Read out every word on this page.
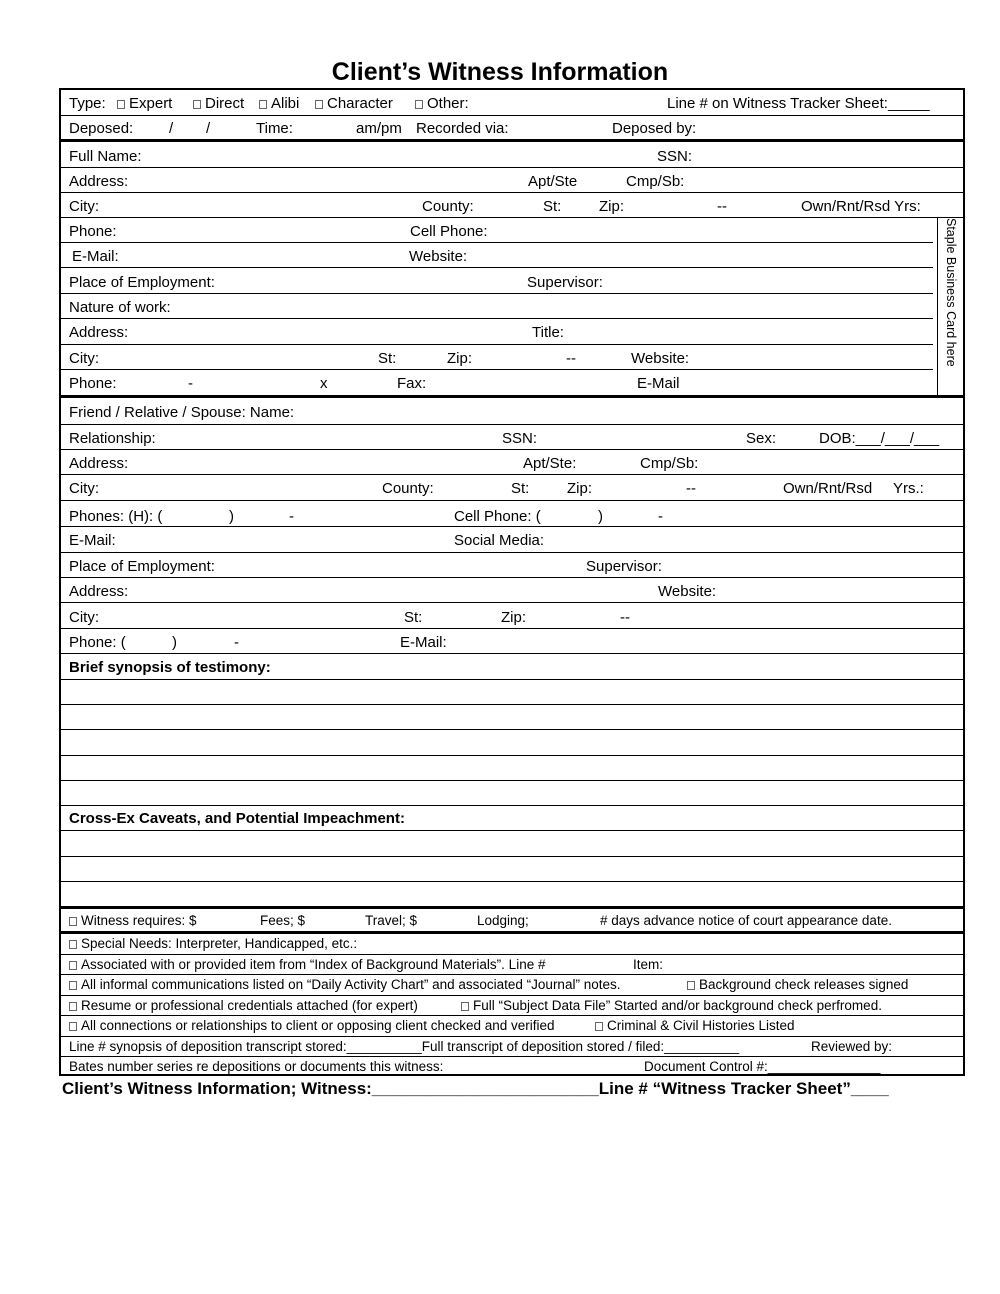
Client’s Witness Information
Type:	Expert	Direct	Alibi	Character	Other:	Line # on Witness Tracker Sheet:_____
Deposed: / /	Time:	am/pm Recorded via:	Deposed by:
Full Name:	SSN:
Address:	Apt/Ste	Cmp/Sb:
City:	County:	St:	Zip:	--	Own/Rnt/Rsd Yrs:
Phone:	Cell Phone:
E-Mail:	Website:
Place of Employment:	Supervisor:
Nature of work:
Address:	Title:
City:	St:	Zip:	--	Website:
Phone:	-	x	Fax:	E-Mail
Staple Business Card here
Friend / Relative / Spouse: Name:
Relationship:	SSN:	Sex:	DOB:___/___/___
Address:	Apt/Ste:	Cmp/Sb:
City:	County:	St:	Zip:	--	Own/Rnt/Rsd Yrs.:
Phones: (H): (	)	-	Cell Phone: (	)	-
E-Mail:	Social Media:
Place of Employment:	Supervisor:
Address:	Website:
City:	St:	Zip:	--
Phone: (	)	-	E-Mail:
Brief synopsis of testimony:
Cross-Ex Caveats, and Potential Impeachment:
Witness requires: $	Fees; $	Travel; $	Lodging;	# days advance notice of court appearance date.
Special Needs: Interpreter, Handicapped, etc.:
Associated with or provided item from “Index of Background Materials”. Line #	Item:
All informal communications listed on “Daily Activity Chart” and associated “Journal” notes.	Background check releases signed
Resume or professional credentials attached (for expert)	Full “Subject Data File” Started and/or background check perfromed.
All connections or relationships to client or opposing client checked and verified	Criminal & Civil Histories Listed
Line # synopsis of deposition transcript stored:__________Full transcript of deposition stored / filed:__________	Reviewed by:
Bates number series re depositions or documents this witness:	Document Control #:_______________
Client’s Witness Information; Witness:________________________Line # “Witness Tracker Sheet”____
